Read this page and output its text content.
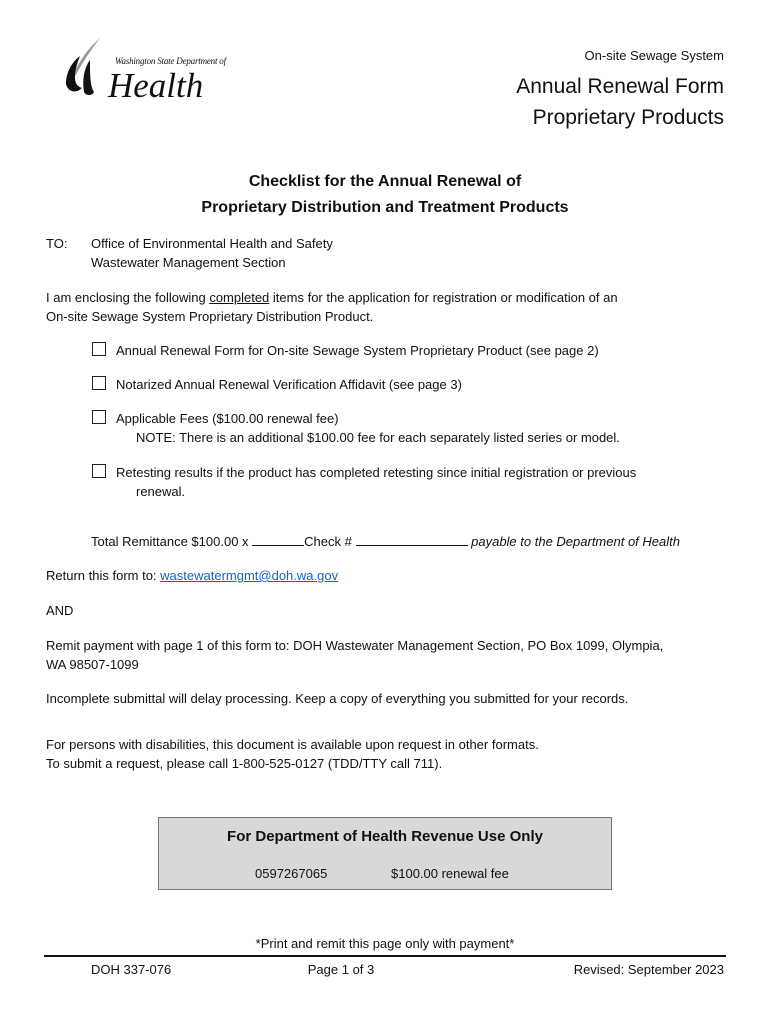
Washington State Department of
Health
On-site Sewage System
Annual Renewal Form
Proprietary Products
Checklist for the Annual Renewal of
Proprietary Distribution and Treatment Products
TO: Office of Environmental Health and Safety
Wastewater Management Section
I am enclosing the following completed items for the application for registration or modification of an
On-site Sewage System Proprietary Distribution Product.
Annual Renewal Form for On-site Sewage System Proprietary Product (see page 2)
Notarized Annual Renewal Verification Affidavit (see page 3)
Applicable Fees ($100.00 renewal fee)
NOTE: There is an additional $100.00 fee for each separately listed series or model.
Retesting results if the product has completed retesting since initial registration or previous
renewal.
Total Remittance $100.00 x	Check #	payable to the Department of Health
Return this form to: wastewatermgmt@doh.wa.gov
AND
Remit payment with page 1 of this form to: DOH Wastewater Management Section, PO Box 1099, Olympia,
WA 98507-1099
Incomplete submittal will delay processing. Keep a copy of everything you submitted for your records.
For persons with disabilities, this document is available upon request in other formats.
To submit a request, please call 1-800-525-0127 (TDD/TTY call 711).
For Department of Health Revenue Use Only
0597267065	$100.00 renewal fee
*Print and remit this page only with payment*
DOH 337-076	Page 1 of 3	Revised: September 2023
